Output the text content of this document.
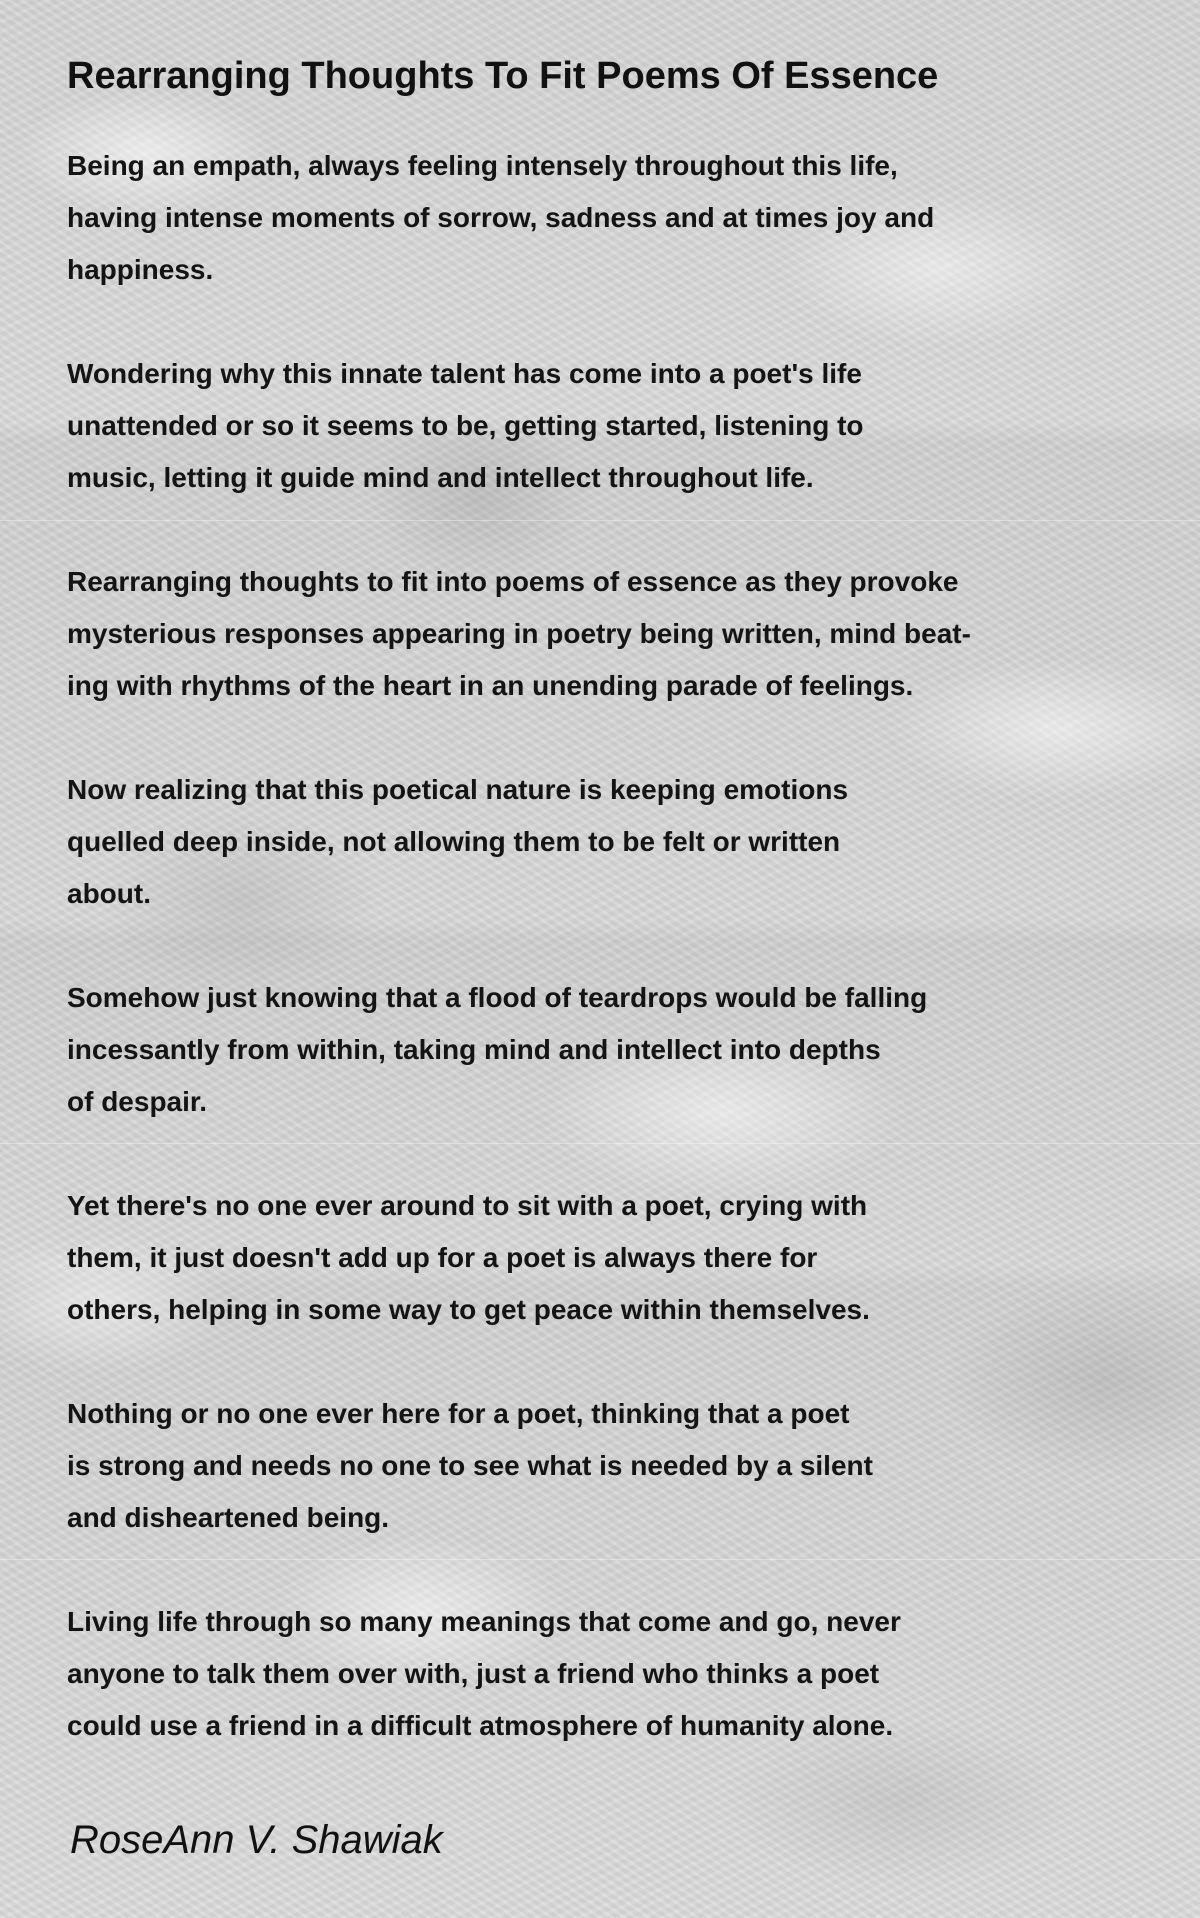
Rearranging Thoughts To Fit Poems Of Essence

Being an empath, always feeling intensely throughout this life,
having intense moments of sorrow, sadness and at times joy and
happiness.

Wondering why this innate talent has come into a poet's life
unattended or so it seems to be, getting started, listening to
music, letting it guide mind and intellect throughout life.

Rearranging thoughts to fit into poems of essence as they provoke
mysterious responses appearing in poetry being written, mind beat-
ing with rhythms of the heart in an unending parade of feelings.

Now realizing that this poetical nature is keeping emotions
quelled deep inside, not allowing them to be felt or written
about.

Somehow just knowing that a flood of teardrops would be falling
incessantly from within, taking mind and intellect into depths
of despair.

Yet there's no one ever around to sit with a poet, crying with
them, it just doesn't add up for a poet is always there for
others, helping in some way to get peace within themselves.

Nothing or no one ever here for a poet, thinking that a poet
is strong and needs no one to see what is needed by a silent
and disheartened being.

Living life through so many meanings that come and go, never
anyone to talk them over with, just a friend who thinks a poet
could use a friend in a difficult atmosphere of humanity alone.

RoseAnn V. Shawiak
